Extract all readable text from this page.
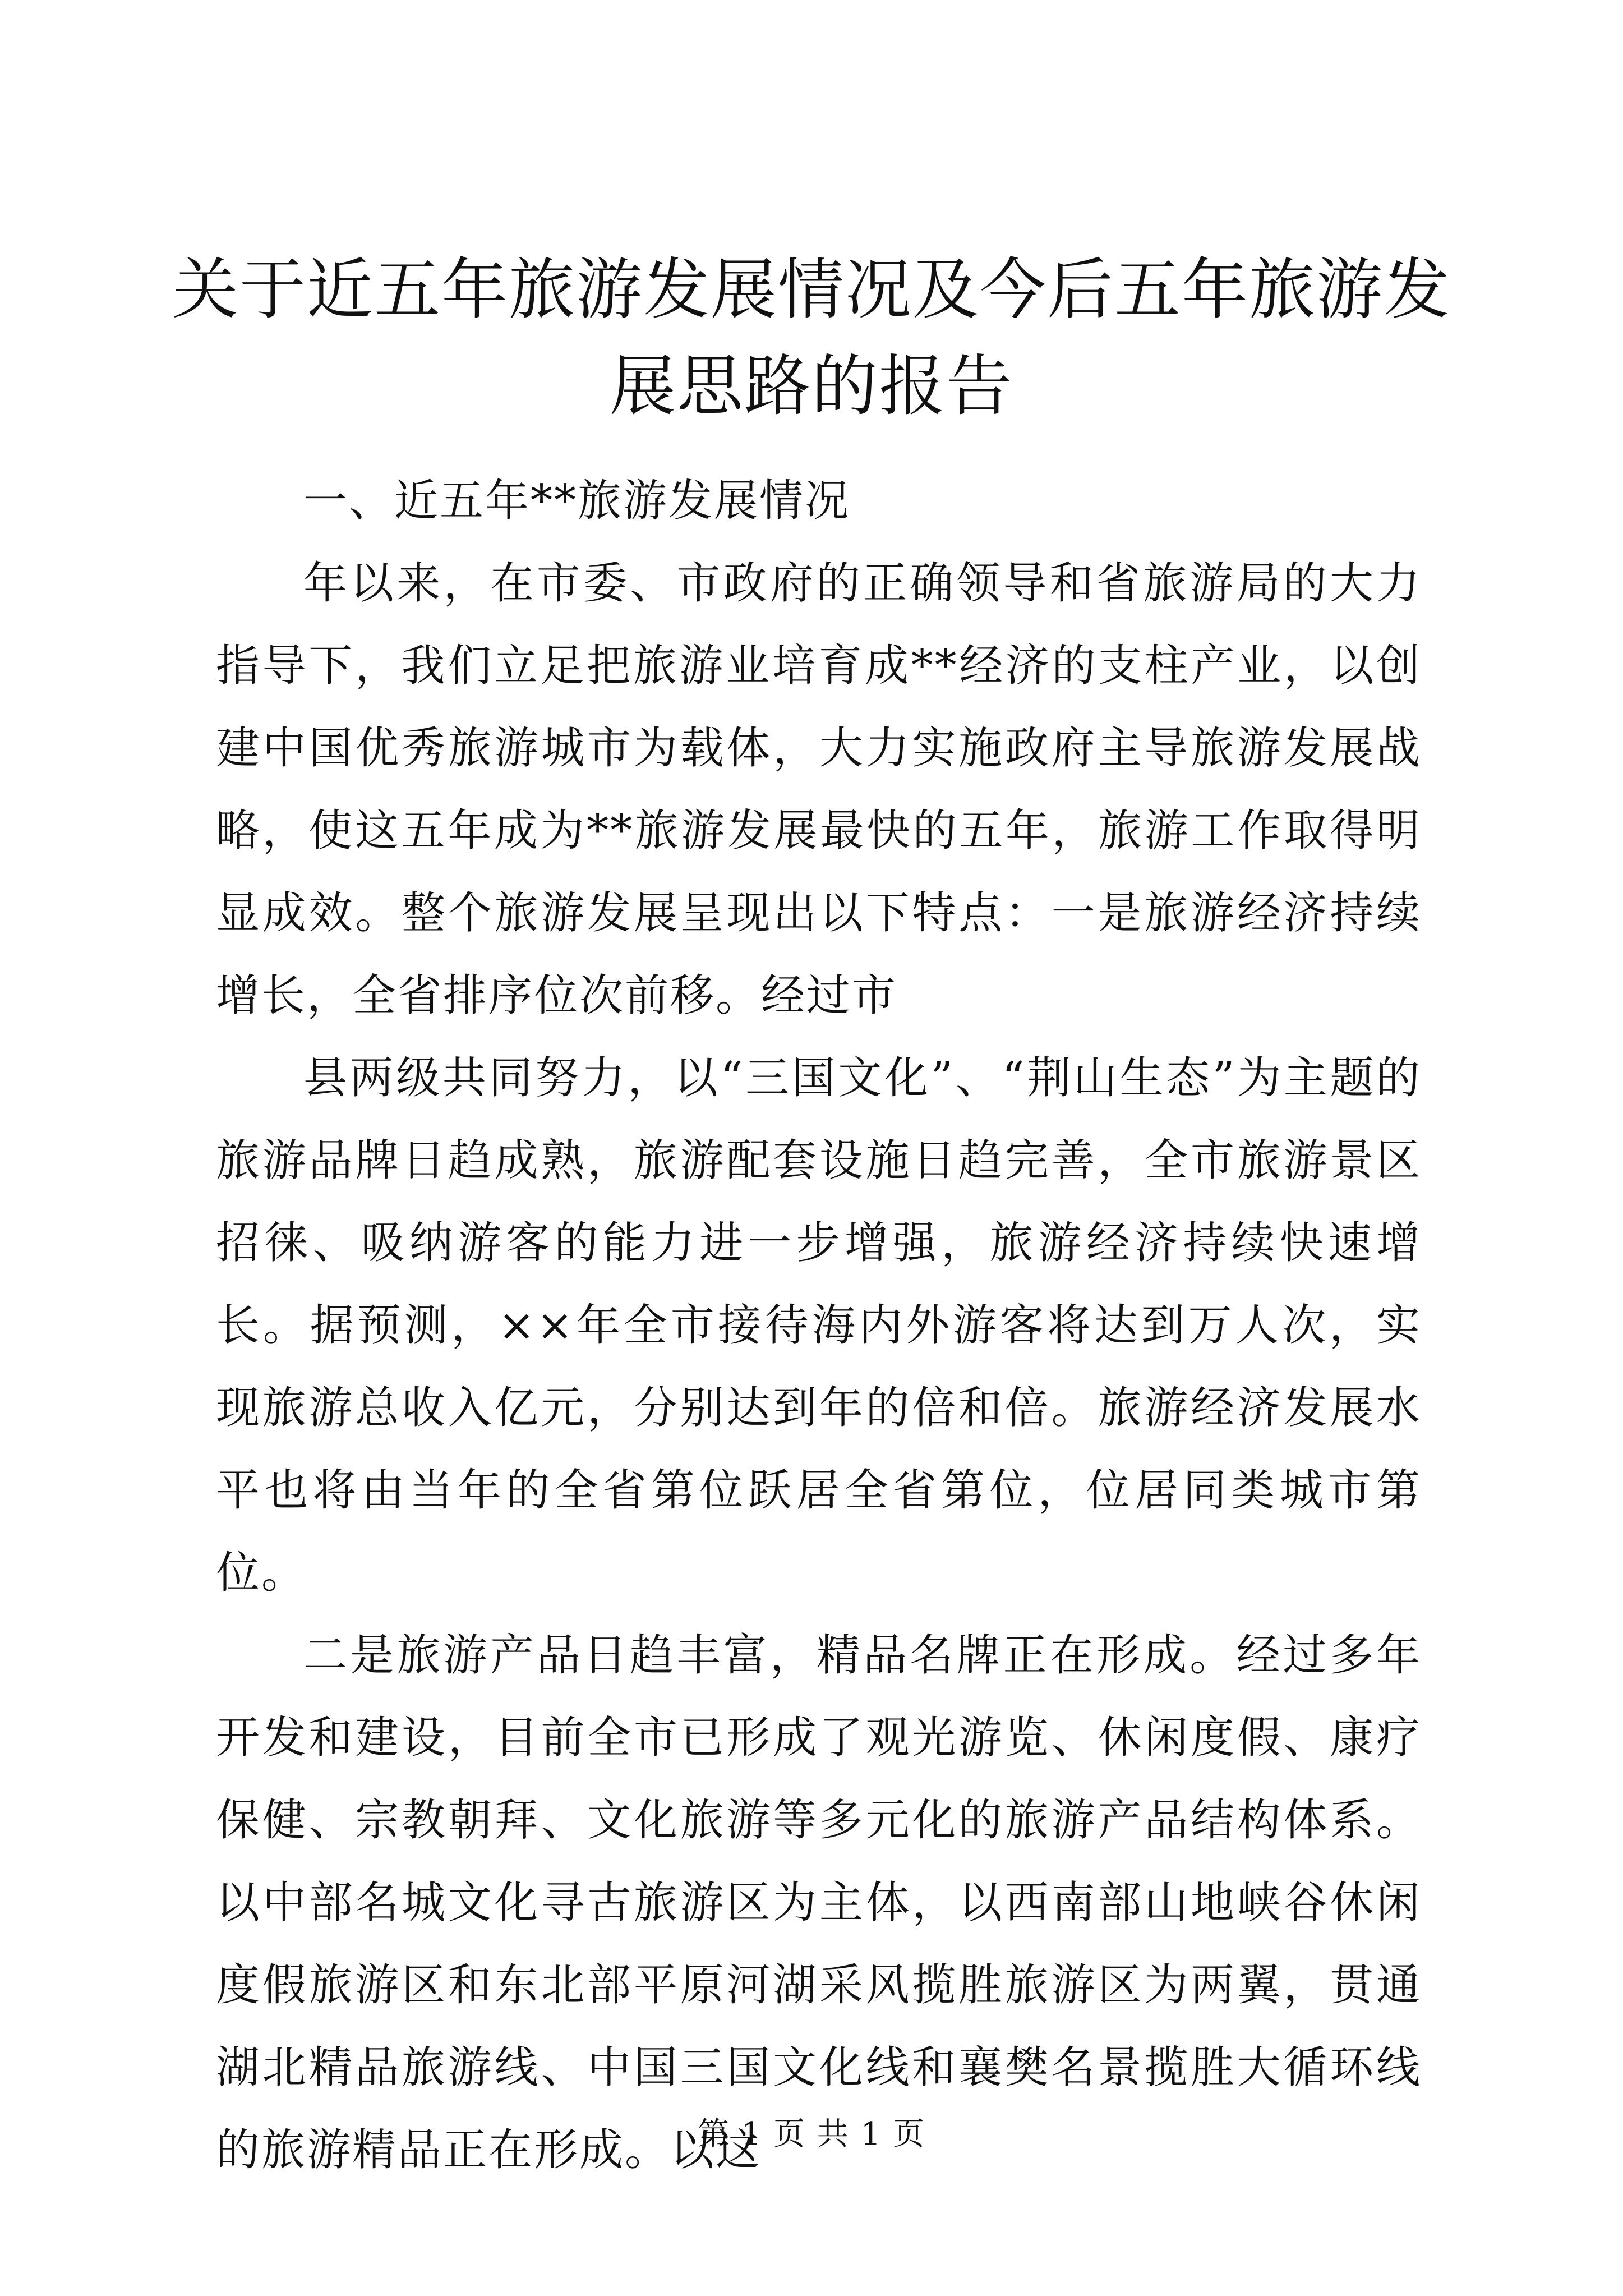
关于近五年旅游发展情况及今后五年旅游发展思路的报告

一、近五年**旅游发展情况

年以来，在市委、市政府的正确领导和省旅游局的大力指导下，我们立足把旅游业培育成**经济的支柱产业，以创建中国优秀旅游城市为载体，大力实施政府主导旅游发展战略，使这五年成为**旅游发展最快的五年，旅游工作取得明显成效。整个旅游发展呈现出以下特点：一是旅游经济持续增长，全省排序位次前移。经过市

县两级共同努力，以“三国文化”、“荆山生态”为主题的旅游品牌日趋成熟，旅游配套设施日趋完善，全市旅游景区招徕、吸纳游客的能力进一步增强，旅游经济持续快速增长。据预测，××年全市接待海内外游客将达到万人次，实现旅游总收入亿元，分别达到年的倍和倍。旅游经济发展水平也将由当年的全省第位跃居全省第位，位居同类城市第位。

二是旅游产品日趋丰富，精品名牌正在形成。经过多年开发和建设，目前全市已形成了观光游览、休闲度假、康疗保健、宗教朝拜、文化旅游等多元化的旅游产品结构体系。以中部名城文化寻古旅游区为主体，以西南部山地峡谷休闲度假旅游区和东北部平原河湖采风揽胜旅游区为两翼，贯通湖北精品旅游线、中国三国文化线和襄樊名景揽胜大循环线的旅游精品正在形成。以这

第 1 页 共 1 页
